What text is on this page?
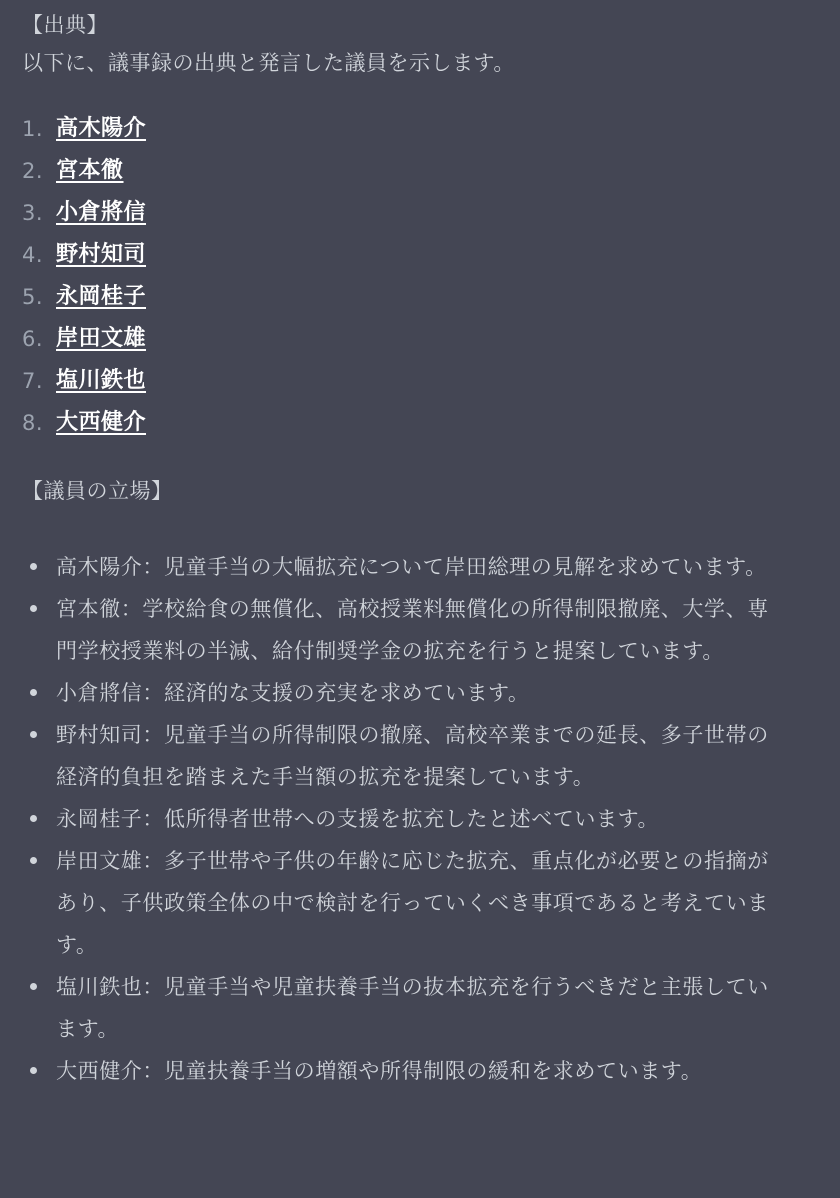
【出典】

以下に、議事録の出典と発言した議員を示します。

1. 高木陽介
2. 宮本徹
3. 小倉將信
4. 野村知司
5. 永岡桂子
6. 岸田文雄
7. 塩川鉄也
8. 大西健介

【議員の立場】

高木陽介：児童手当の大幅拡充について岸田総理の見解を求めています。
宮本徹：学校給食の無償化、高校授業料無償化の所得制限撤廃、大学、専門学校授業料の半減、給付制奨学金の拡充を行うと提案しています。
小倉將信：経済的な支援の充実を求めています。
野村知司：児童手当の所得制限の撤廃、高校卒業までの延長、多子世帯の経済的負担を踏まえた手当額の拡充を提案しています。
永岡桂子：低所得者世帯への支援を拡充したと述べています。
岸田文雄：多子世帯や子供の年齢に応じた拡充、重点化が必要との指摘があり、子供政策全体の中で検討を行っていくべき事項であると考えています。
塩川鉄也：児童手当や児童扶養手当の抜本拡充を行うべきだと主張しています。
大西健介：児童扶養手当の増額や所得制限の緩和を求めています。
